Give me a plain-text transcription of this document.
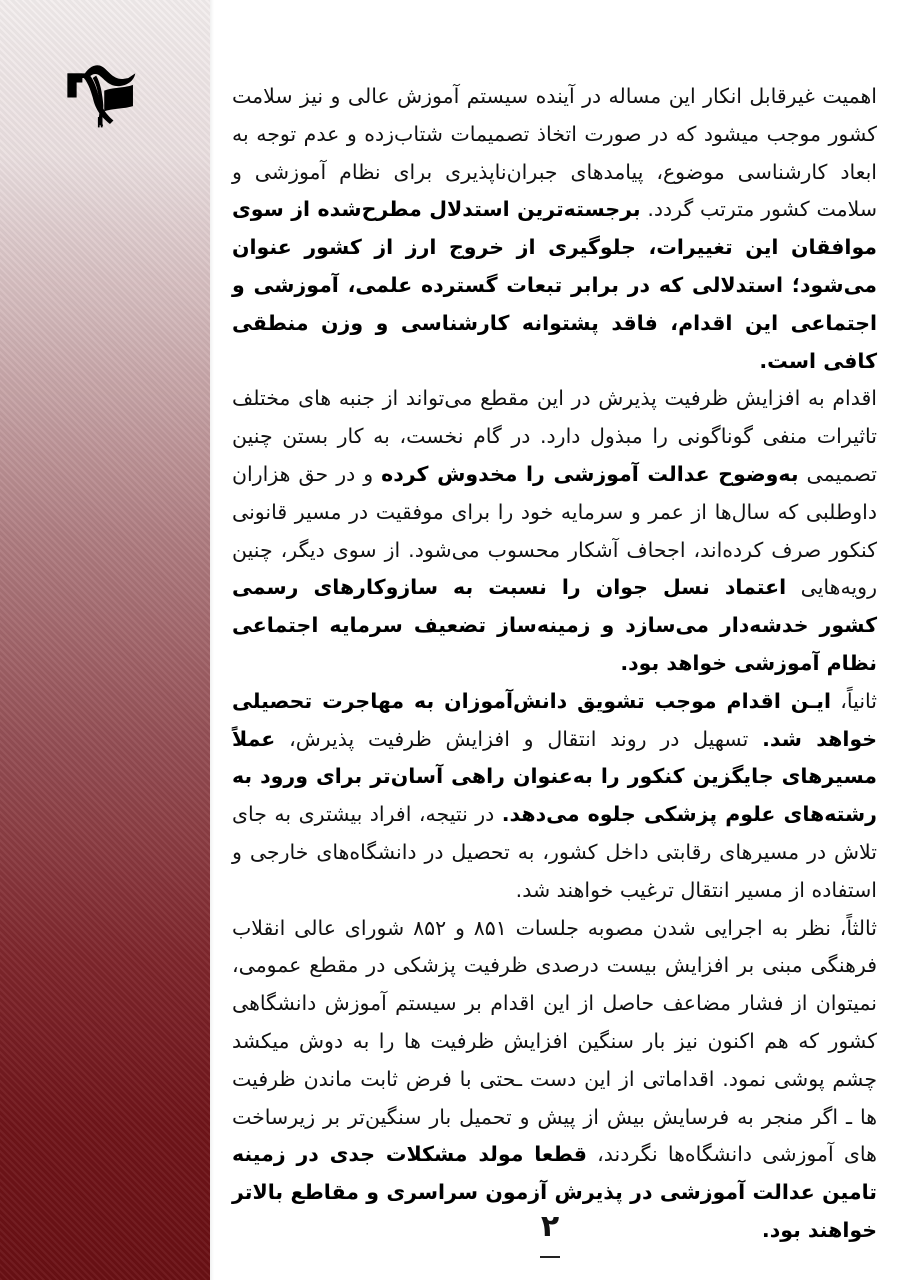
اهمیت غیرقابل انکار این مساله در آینده سیستم آموزش عالی و نیز سلامت کشور موجب میشود که در صورت اتخاذ تصمیمات شتاب‌زده و عدم توجه به ابعاد کارشناسی موضوع، پیامدهای جبران‌ناپذیری برای نظام آموزشی و سلامت کشور مترتب گردد. برجسته‌ترین استدلال مطرح‌شده از سوی موافقان این تغییرات، جلوگیری از خروج ارز از کشور عنوان می‌شود؛ استدلالی که در برابر تبعات گسترده علمی، آموزشی و اجتماعی این اقدام، فاقد پشتوانه کارشناسی و وزن منطقی کافی است.

اقدام به افزایش ظرفیت پذیرش در این مقطع می‌تواند از جنبه های مختلف تاثیرات منفی گوناگونی را مبذول دارد. در گام نخست، به کار بستن چنین تصمیمی به‌وضوح عدالت آموزشی را مخدوش کرده و در حق هزاران داوطلبی که سال‌ها از عمر و سرمایه خود را برای موفقیت در مسیر قانونی کنکور صرف کرده‌اند، اجحاف آشکار محسوب می‌شود. از سوی دیگر، چنین رویه‌هایی اعتماد نسل جوان را نسبت به سازوکارهای رسمی کشور خدشه‌دار می‌سازد و زمینه‌ساز تضعیف سرمایه اجتماعی نظام آموزشی خواهد بود.

ثانیاً، ایـن اقدام موجب تشویق دانش‌آموزان به مهاجرت تحصیلی خواهد شد. تسهیل در روند انتقال و افزایش ظرفیت پذیرش، عملاً مسیرهای جایگزین کنکور را به‌عنوان راهی آسان‌تر برای ورود به رشته‌های علوم پزشکی جلوه می‌دهد. در نتیجه، افراد بیشتری به جای تلاش در مسیرهای رقابتی داخل کشور، به تحصیل در دانشگاه‌های خارجی و استفاده از مسیر انتقال ترغیب خواهند شد.

ثالثاً، نظر به اجرایی شدن مصوبه جلسات ۸۵۱ و ۸۵۲ شورای عالی انقلاب فرهنگی مبنی بر افزایش بیست درصدی ظرفیت پزشکی در مقطع عمومی، نمیتوان از فشار مضاعف حاصل از این اقدام بر سیستم آموزش دانشگاهی کشور که هم اکنون نیز بار سنگین افزایش ظرفیت ها را به دوش میکشد چشم پوشی نمود. اقداماتی از این دست ـحتی با فرض ثابت ماندن ظرفیت ها ـ اگر منجر به فرسایش بیش از پیش و تحمیل بار سنگین‌تر بر زیرساخت های آموزشی دانشگاه‌ها نگردند، قطعا مولد مشکلات جدی در زمینه تامین عدالت آموزشی در پذیرش آزمون سراسری و مقاطع بالاتر خواهند بود.

۲
